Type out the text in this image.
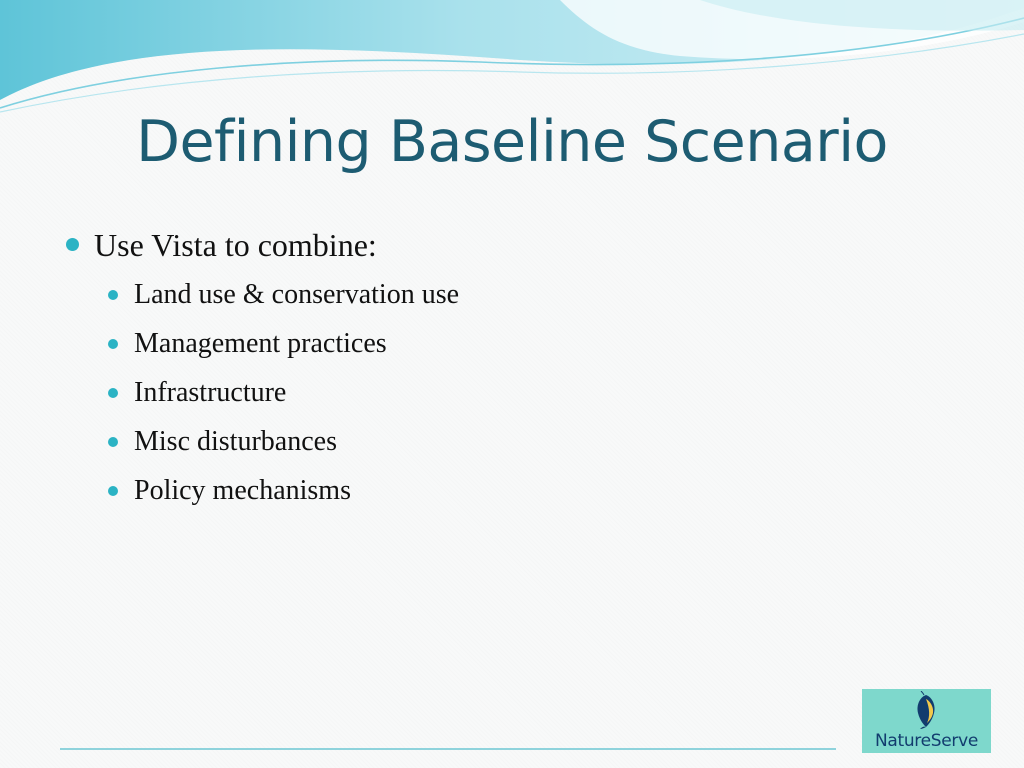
Defining Baseline Scenario
Use Vista to combine:
Land use & conservation use
Management practices
Infrastructure
Misc disturbances
Policy mechanisms
NatureServe
